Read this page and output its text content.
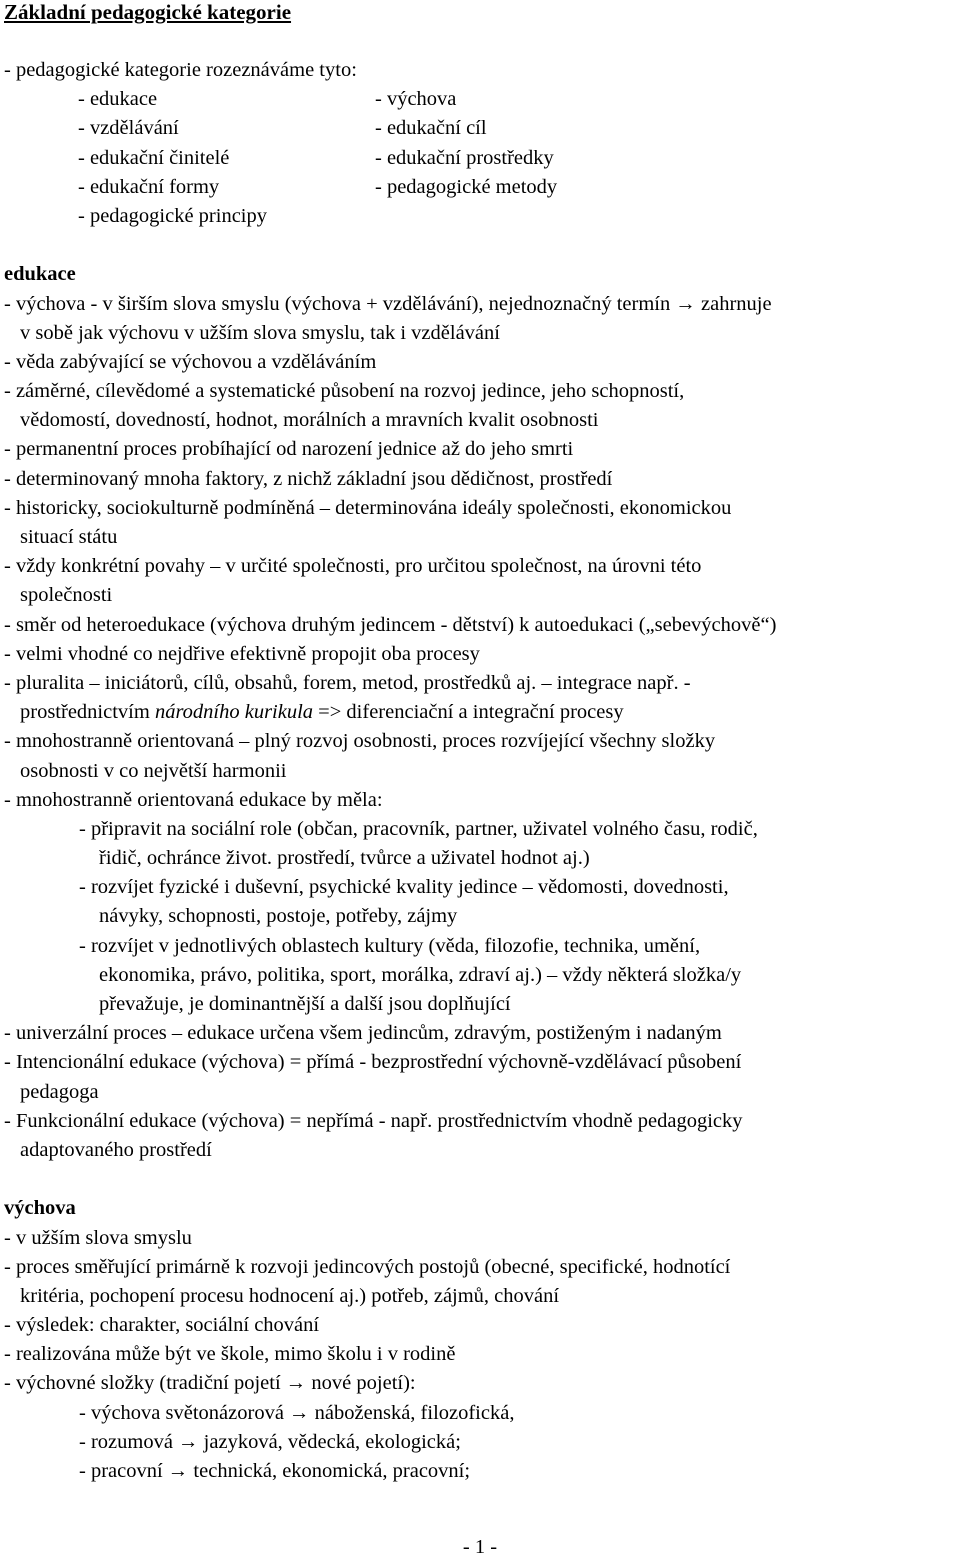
Základní pedagogické kategorie
- pedagogické kategorie rozeznáváme tyto:
- edukace	- výchova
- vzdělávání	- edukační cíl
- edukační činitelé	- edukační prostředky
- edukační formy	- pedagogické metody
- pedagogické principy
edukace
- výchova - v širším slova smyslu (výchova + vzdělávání), nejednoznačný termín → zahrnuje
v sobě jak výchovu v užším slova smyslu, tak i vzdělávání
- věda zabývající se výchovou a vzděláváním
- záměrné, cílevědomé a systematické působení na rozvoj jedince, jeho schopností,
vědomostí, dovedností, hodnot, morálních a mravních kvalit osobnosti
- permanentní proces probíhající od narození jednice až do jeho smrti
- determinovaný mnoha faktory, z nichž základní jsou dědičnost, prostředí
- historicky, sociokulturně podmíněná – determinována ideály společnosti, ekonomickou
situací státu
- vždy konkrétní povahy – v určité společnosti, pro určitou společnost, na úrovni této
společnosti
- směr od heteroedukace (výchova druhým jedincem - dětství) k autoedukaci („sebevýchově“)
- velmi vhodné co nejdřive efektivně propojit oba procesy
- pluralita – iniciátorů, cílů, obsahů, forem, metod, prostředků aj. – integrace např. -
prostřednictvím národního kurikula => diferenciační a integrační procesy
- mnohostranně orientovaná – plný rozvoj osobnosti, proces rozvíjející všechny složky
osobnosti v co největší harmonii
- mnohostranně orientovaná edukace by měla:
- připravit na sociální role (občan, pracovník, partner, uživatel volného času, rodič,
řidič, ochránce život. prostředí, tvůrce a uživatel hodnot aj.)
- rozvíjet fyzické i duševní, psychické kvality jedince – vědomosti, dovednosti,
návyky, schopnosti, postoje, potřeby, zájmy
- rozvíjet v jednotlivých oblastech kultury (věda, filozofie, technika, umění,
ekonomika, právo, politika, sport, morálka, zdraví aj.) – vždy některá složka/y
převažuje, je dominantnější a další jsou doplňující
- univerzální proces – edukace určena všem jedincům, zdravým, postiženým i nadaným
- Intencionální edukace (výchova) = přímá - bezprostřední výchovně-vzdělávací působení
pedagoga
- Funkcionální edukace (výchova) = nepřímá - např. prostřednictvím vhodně pedagogicky
adaptovaného prostředí
výchova
- v užším slova smyslu
- proces směřující primárně k rozvoji jedincových postojů (obecné, specifické, hodnotící
kritéria, pochopení procesu hodnocení aj.) potřeb, zájmů, chování
- výsledek: charakter, sociální chování
- realizována může být ve škole, mimo školu i v rodině
- výchovné složky (tradiční pojetí → nové pojetí):
- výchova světonázorová → náboženská, filozofická,
- rozumová → jazyková, vědecká, ekologická;
- pracovní → technická, ekonomická, pracovní;
- 1 -
